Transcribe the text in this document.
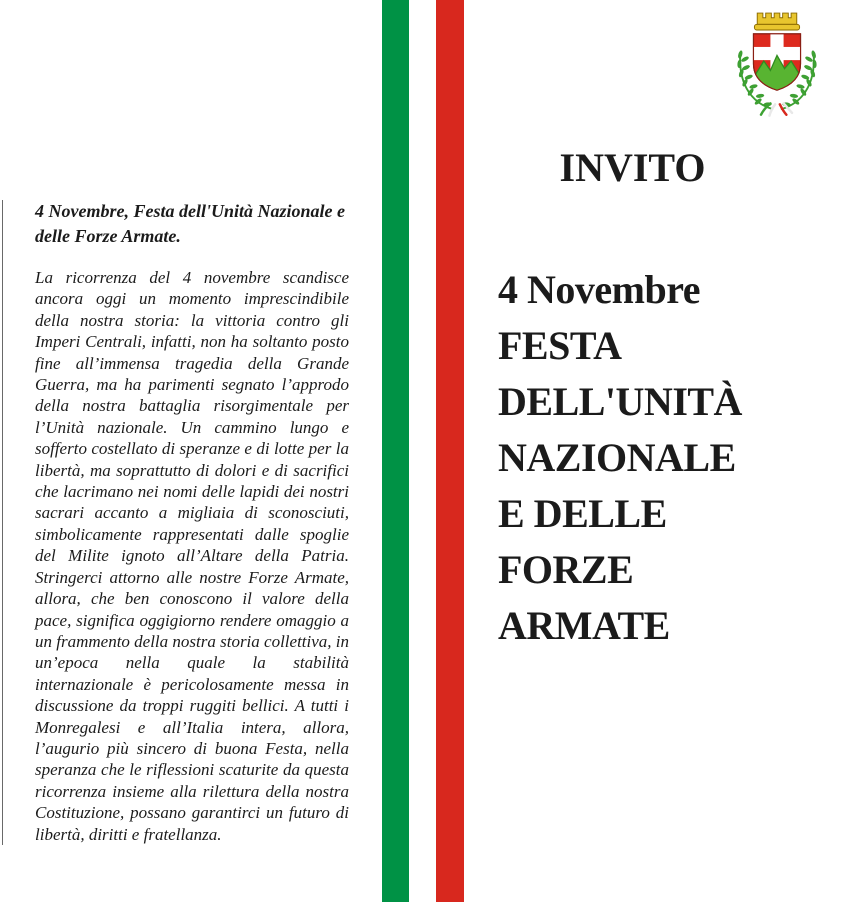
4 Novembre, Festa dell'Unità Nazionale e delle Forze Armate.

La ricorrenza del 4 novembre scandisce ancora oggi un momento imprescindibile della nostra storia: la vittoria contro gli Imperi Centrali, infatti, non ha soltanto posto fine all’immensa tragedia della Grande Guerra, ma ha parimenti segnato l’approdo della nostra battaglia risorgimentale per l’Unità nazionale. Un cammino lungo e sofferto costellato di speranze e di lotte per la libertà, ma soprattutto di dolori e di sacrifici che lacrimano nei nomi delle lapidi dei nostri sacrari accanto a migliaia di sconosciuti, simbolicamente rappresentati dalle spoglie del Milite ignoto all’Altare della Patria. Stringerci attorno alle nostre Forze Armate, allora, che ben conoscono il valore della pace, significa oggigiorno rendere omaggio a un frammento della nostra storia collettiva, in un’epoca nella quale la stabilità internazionale è pericolosamente messa in discussione da troppi ruggiti bellici. A tutti i Monregalesi e all’Italia intera, allora, l’augurio più sincero di buona Festa, nella speranza che le riflessioni scaturite da questa ricorrenza insieme alla rilettura della nostra Costituzione, possano garantirci un futuro di libertà, diritti e fratellanza.

INVITO
4 Novembre
FESTA
DELL'UNITÀ
NAZIONALE
E DELLE
FORZE
ARMATE
